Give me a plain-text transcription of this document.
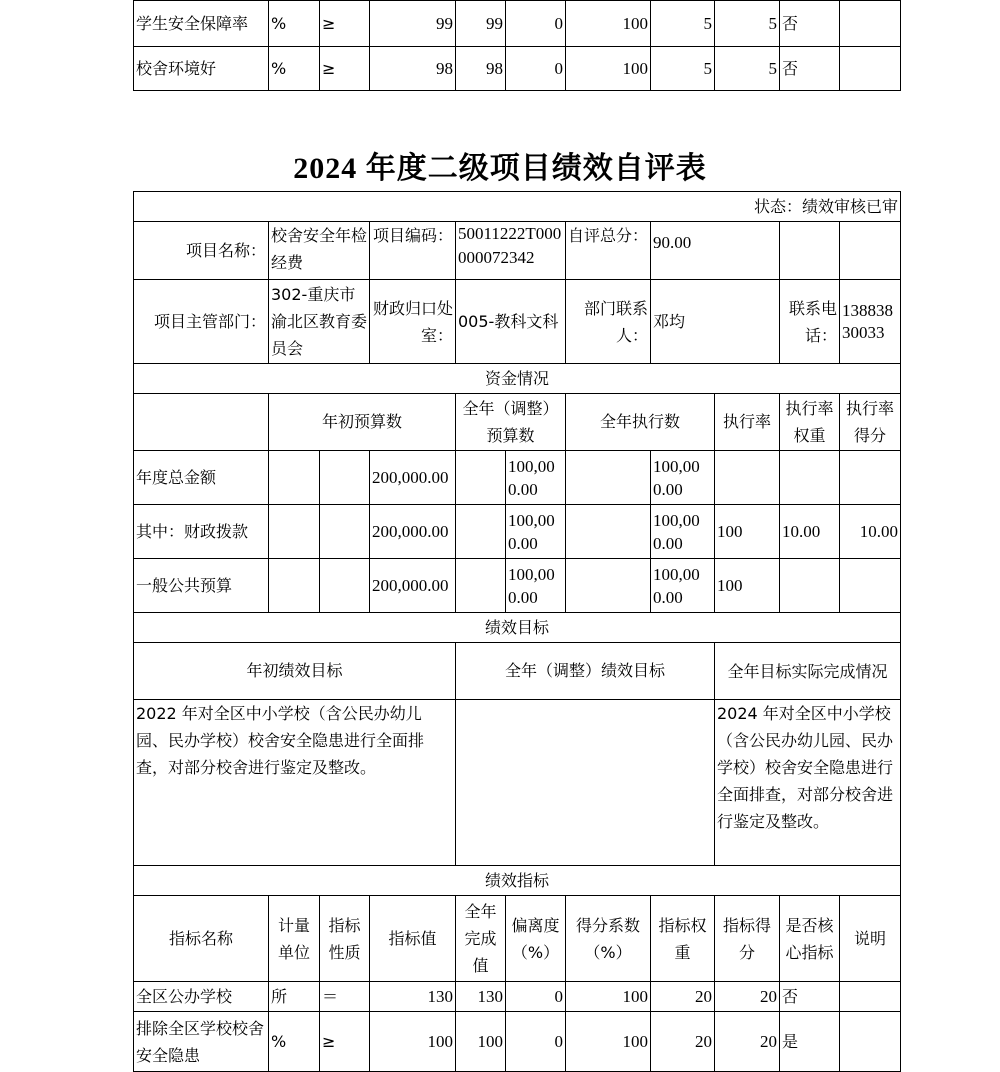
学生安全保障率	%	≥	99	99	0	100	5	5	否	
校舍环境好	%	≥	98	98	0	100	5	5	否	
2024 年度二级项目绩效自评表
状态：绩效审核已审										
项目名称：	校舍安全年检经费		项目编码：	50011222T000000072342		自评总分：	90.00			
项目主管部门：	302-重庆市渝北区教育委员会		财政归口处室：	005-教科文科		部门联系人：	邓均		联系电话：	13883830033
资金情况										
	年初预算数			全年（调整）预算数		全年执行数		执行率	执行率权重	执行率得分
年度总金额			200,000.00		100,000.00		100,000.00			
其中：财政拨款			200,000.00		100,000.00		100,000.00	100	10.00	10.00
一般公共预算			200,000.00		100,000.00		100,000.00	100		
绩效目标										
年初绩效目标				全年（调整）绩效目标				全年目标实际完成情况		
2022 年对全区中小学校（含公民办幼儿园、民办学校）校舍安全隐患进行全面排查，对部分校舍进行鉴定及整改。								2024 年对全区中小学校（含公民办幼儿园、民办学校）校舍安全隐患进行全面排查，对部分校舍进行鉴定及整改。		
绩效指标										
指标名称	计量单位	指标性质	指标值	全年完成值	偏离度（%）	得分系数（%）	指标权重	指标得分	是否核心指标	说明
全区公办学校	所	＝	130	130	0	100	20	20	否	
排除全区学校校舍安全隐患	%	≥	100	100	0	100	20	20	是	
